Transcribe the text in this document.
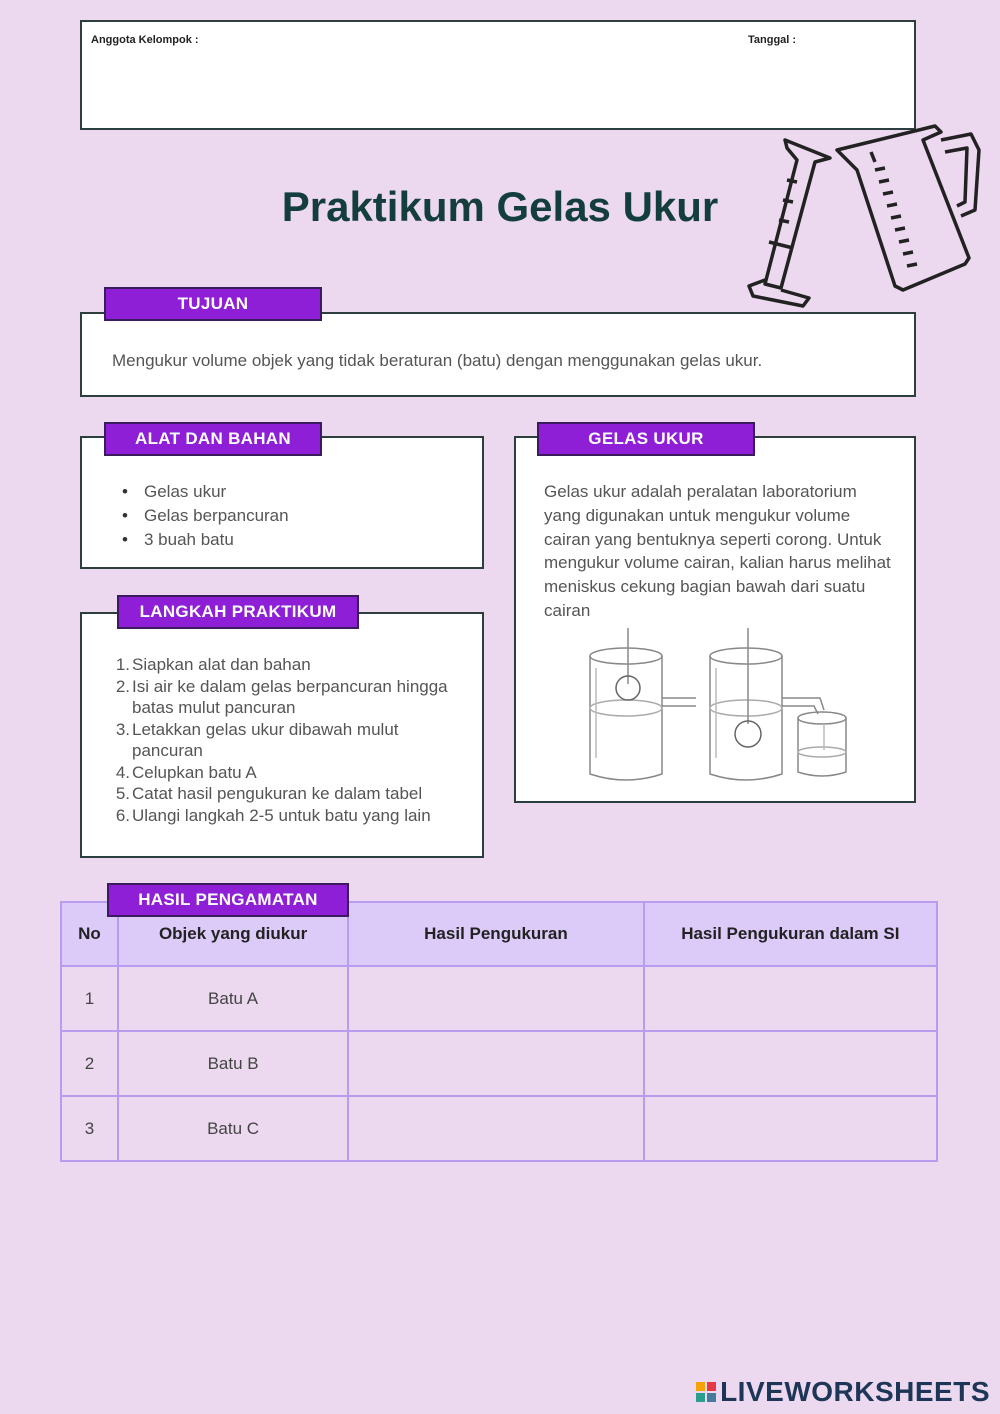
Anggota Kelompok :	Tanggal :
Praktikum Gelas Ukur

Mengukur volume objek yang tidak beraturan (batu) dengan menggunakan gelas ukur.

TUJUAN
• Gelas ukur
• Gelas berpancuran
• 3 buah batu
ALAT DAN BAHAN
1. Siapkan alat dan bahan
2. Isi air ke dalam gelas berpancuran hingga batas mulut pancuran
3. Letakkan gelas ukur dibawah mulut pancuran
4. Celupkan batu A
5. Catat hasil pengukuran ke dalam tabel
6. Ulangi langkah 2-5 untuk batu yang lain
LANGKAH PRAKTIKUM

Gelas ukur adalah peralatan laboratorium yang digunakan untuk mengukur volume cairan yang bentuknya seperti corong. Untuk mengukur volume cairan, kalian harus melihat meniskus cekung bagian bawah dari suatu cairan

GELAS UKUR
No	Objek yang diukur	Hasil Pengukuran	Hasil Pengukuran dalam SI
1	Batu A		
2	Batu B		
3	Batu C		
HASIL PENGAMATAN
LIVEWORKSHEETS
